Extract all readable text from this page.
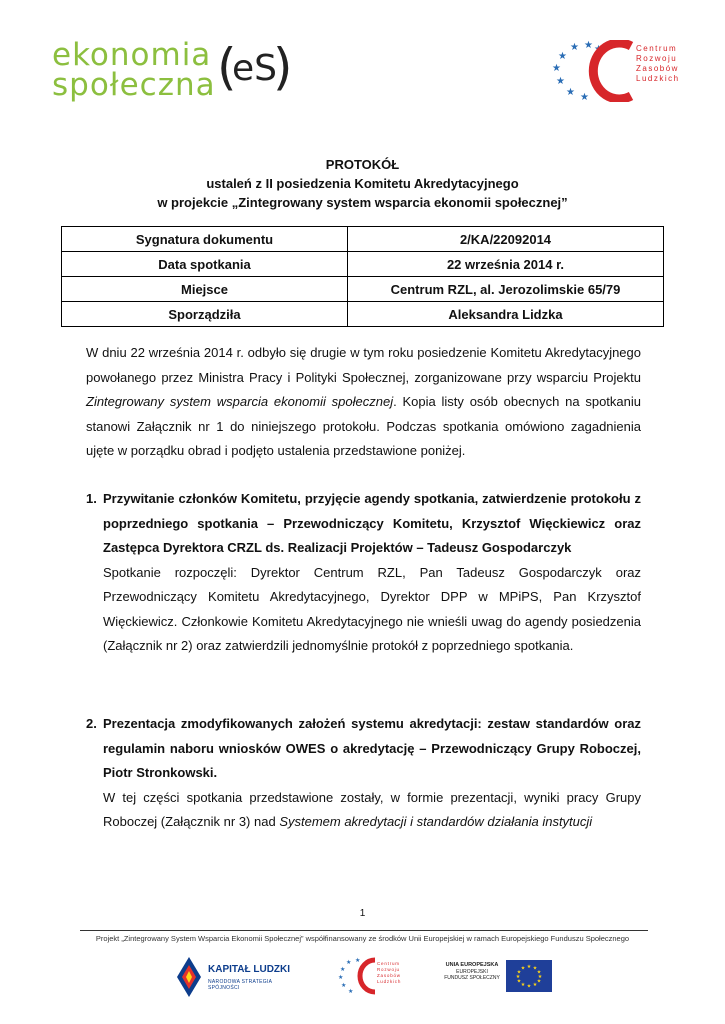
ekonomia
społeczna (
eS
)	★ ★
★
★
★
★ ★
★	Centrum
Rozwoju
Zasobów
Ludzkich
PROTOKÓŁ
ustaleń z II posiedzenia Komitetu Akredytacyjnego
w projekcie „Zintegrowany system wsparcia ekonomii społecznej”
Sygnatura dokumentu	2/KA/22092014
Data spotkania	22 września 2014 r.
Miejsce	Centrum RZL, al. Jerozolimskie 65/79
Sporządziła	Aleksandra Lidzka
W dniu 22 września 2014 r. odbyło się drugie w tym roku posiedzenie Komitetu Akredytacyjnego powołanego przez Ministra Pracy i Polityki Społecznej, zorganizowane przy wsparciu Projektu Zintegrowany system wsparcia ekonomii społecznej. Kopia listy osób obecnych na spotkaniu stanowi Załącznik nr 1 do niniejszego protokołu. Podczas spotkania omówiono zagadnienia ujęte w porządku obrad i podjęto ustalenia przedstawione poniżej.
1. Przywitanie członków Komitetu, przyjęcie agendy spotkania, zatwierdzenie protokołu z poprzedniego spotkania – Przewodniczący Komitetu, Krzysztof Więckiewicz oraz Zastępca Dyrektora CRZL ds. Realizacji Projektów – Tadeusz Gospodarczyk
Spotkanie rozpoczęli: Dyrektor Centrum RZL, Pan Tadeusz Gospodarczyk oraz Przewodniczący Komitetu Akredytacyjnego, Dyrektor DPP w MPiPS, Pan Krzysztof Więckiewicz. Członkowie Komitetu Akredytacyjnego nie wnieśli uwag do agendy posiedzenia (Załącznik nr 2) oraz zatwierdzili jednomyślnie protokół z poprzedniego spotkania.
2. Prezentacja zmodyfikowanych założeń systemu akredytacji: zestaw standardów oraz regulamin naboru wniosków OWES o akredytację – Przewodniczący Grupy Roboczej, Piotr Stronkowski.
W tej części spotkania przedstawione zostały, w formie prezentacji, wyniki pracy Grupy Roboczej (Załącznik nr 3) nad Systemem akredytacji i standardów działania instytucji
1
Projekt „Zintegrowany System Wsparcia Ekonomii Społecznej” współfinansowany ze środków Unii Europejskiej w ramach Europejskiego Funduszu Społecznego
KAPITAŁ LUDZKI
NARODOWA STRATEGIA SPÓJNOŚCI
★
★
★
★
★
★	Centrum
Rozwoju
Zasobów
Ludzkich
UNIA EUROPEJSKA
EUROPEJSKI
FUNDUSZ SPOŁECZNY
★ ★
★
★
★
★
★
★
★
★
★
★
